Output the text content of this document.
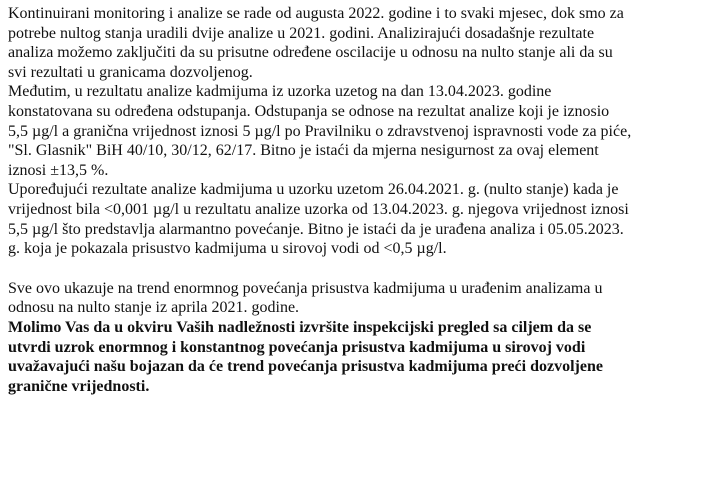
Kontinuirani monitoring i analize se rade od augusta 2022. godine i to svaki mjesec, dok smo za
potrebe nultog stanja uradili dvije analize u 2021. godini. Analizirajući dosadašnje rezultate
analiza možemo zaključiti da su prisutne određene oscilacije u odnosu na nulto stanje ali da su
svi rezultati u granicama dozvoljenog.

Međutim, u rezultatu analize kadmijuma iz uzorka uzetog na dan 13.04.2023. godine
konstatovana su određena odstupanja. Odstupanja se odnose na rezultat analize koji je iznosio
5,5 µg/l a granična vrijednost iznosi 5 µg/l po Pravilniku o zdravstvenoj ispravnosti vode za piće,
"Sl. Glasnik" BiH 40/10, 30/12, 62/17. Bitno je istaći da mjerna nesigurnost za ovaj element
iznosi ±13,5 %.

Upoređujući rezultate analize kadmijuma u uzorku uzetom 26.04.2021. g. (nulto stanje) kada je
vrijednost bila <0,001 µg/l u rezultatu analize uzorka od 13.04.2023. g. njegova vrijednost iznosi
5,5 µg/l što predstavlja alarmantno povećanje. Bitno je istaći da je urađena analiza i 05.05.2023.
g. koja je pokazala prisustvo kadmijuma u sirovoj vodi od <0,5 µg/l.

Sve ovo ukazuje na trend enormnog povećanja prisustva kadmijuma u urađenim analizama u
odnosu na nulto stanje iz aprila 2021. godine.

Molimo Vas da u okviru Vaših nadležnosti izvršite inspekcijski pregled sa ciljem da se
utvrdi uzrok enormnog i konstantnog povećanja prisustva kadmijuma u sirovoj vodi
uvažavajući našu bojazan da će trend povećanja prisustva kadmijuma preći dozvoljene
granične vrijednosti.
